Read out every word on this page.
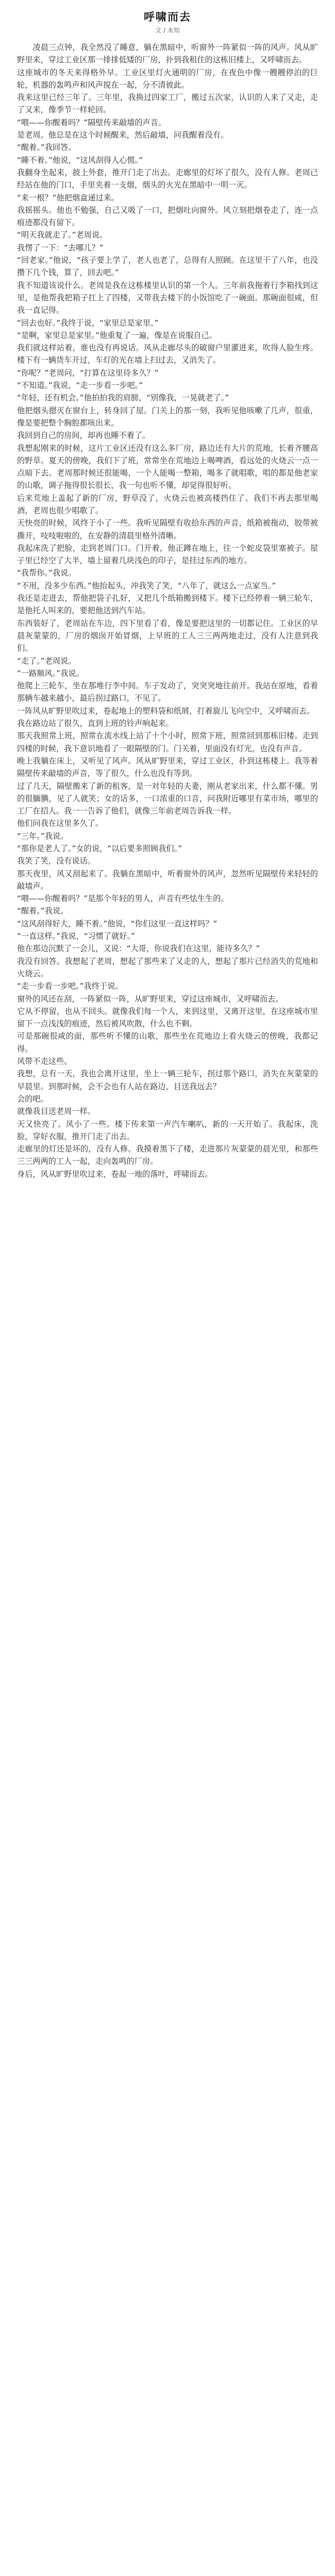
呼啸而去
文 / 未知

凌晨三点钟，我全然没了睡意，躺在黑暗中，听窗外一阵紧似一阵的风声。风从旷野里来，穿过工业区那一排排低矮的厂房，扑到我租住的这栋旧楼上，又呼啸而去。
这座城市的冬天来得格外早。工业区里灯火通明的厂房，在夜色中像一艘艘停泊的巨轮，机器的轰鸣声和风声搅在一起，分不清彼此。
我来这里已经三年了。三年里，我换过四家工厂，搬过五次家，认识的人来了又走，走了又来，像季节一样轮回。
“喂——你醒着吗？”隔壁传来敲墙的声音。
是老周。他总是在这个时候醒来，然后敲墙，问我醒着没有。
“醒着。”我回答。
“睡不着。”他说，“这风刮得人心慌。”
我翻身坐起来，披上外套，推开门走了出去。走廊里的灯坏了很久，没有人修。老周已经站在他的门口，手里夹着一支烟，烟头的火光在黑暗中一明一灭。
“来一根？”他把烟盒递过来。
我摇摇头。他也不勉强，自己又吸了一口，把烟吐向窗外。风立刻把烟卷走了，连一点痕迹都没有留下。
“明天我就走了。”老周说。
我愣了一下：“去哪儿？”
“回老家。”他说，“孩子要上学了，老人也老了，总得有人照顾。在这里干了八年，也没攒下几个钱，算了，回去吧。”
我不知道该说什么。老周是我在这栋楼里认识的第一个人。三年前我拖着行李箱找到这里，是他帮我把箱子扛上了四楼，又带我去楼下的小饭馆吃了一碗面。那碗面很咸，但我一直记得。
“回去也好。”我终于说，“家里总是家里。”
“是啊，家里总是家里。”他重复了一遍，像是在说服自己。
我们就这样站着，谁也没有再说话。风从走廊尽头的破窗户里灌进来，吹得人脸生疼。楼下有一辆货车开过，车灯的光在墙上扫过去，又消失了。
“你呢？”老周问，“打算在这里待多久？”
“不知道。”我说，“走一步看一步吧。”
“年轻，还有机会。”他拍拍我的肩膀，“别像我，一晃就老了。”
他把烟头摁灭在窗台上，转身回了屋。门关上的那一刻，我听见他咳嗽了几声，很重，像是要把整个胸腔都咳出来。
我回到自己的房间，却再也睡不着了。
我想起刚来的时候，这片工业区还没有这么多厂房，路边还有大片的荒地，长着齐腰高的野草。夏天的傍晚，我们下了班，常常坐在荒地边上喝啤酒，看远处的火烧云一点一点暗下去。老周那时候还很能喝，一个人能喝一整箱，喝多了就唱歌，唱的都是他老家的山歌，调子拖得很长很长，我一句也听不懂，却觉得很好听。
后来荒地上盖起了新的厂房，野草没了，火烧云也被高楼挡住了。我们不再去那里喝酒，老周也很少唱歌了。
天快亮的时候，风终于小了一些。我听见隔壁有收拾东西的声音，纸箱被拖动，胶带被撕开，吱吱啦啦的，在安静的清晨里格外清晰。
我起床洗了把脸，走到老周门口。门开着，他正蹲在地上，往一个蛇皮袋里塞被子。屋子里已经空了大半，墙上留着几块浅色的印子，是挂过东西的地方。
“我帮你。”我说。
“不用，没多少东西。”他抬起头，冲我笑了笑，“八年了，就这么一点家当。”
我还是走进去，帮他把袋子扎好，又把几个纸箱搬到楼下。楼下已经停着一辆三轮车，是他托人叫来的，要把他送到汽车站。
东西装好了，老周站在车边，四下里看了看，像是要把这里的一切都记住。工业区的早晨灰蒙蒙的，厂房的烟囱开始冒烟，上早班的工人三三两两地走过，没有人注意到我们。
“走了。”老周说。
“一路顺风。”我说。
他爬上三轮车，坐在那堆行李中间。车子发动了，突突突地往前开。我站在原地，看着那辆车越来越小，最后拐过路口，不见了。
一阵风从旷野里吹过来，卷起地上的塑料袋和纸屑，打着旋儿飞向空中，又呼啸而去。
我在路边站了很久，直到上班的铃声响起来。
那天我照常上班，照常在流水线上站了十个小时，照常下班，照常回到那栋旧楼。走到四楼的时候，我下意识地看了一眼隔壁的门。门关着，里面没有灯光，也没有声音。
晚上我躺在床上，又听见了风声。风从旷野里来，穿过工业区，扑到这栋楼上。我等着隔壁传来敲墙的声音，等了很久，什么也没有等到。
过了几天，隔壁搬来了新的租客，是一对年轻的夫妻，刚从老家出来，什么都不懂。男的很腼腆，见了人就笑；女的话多，一口浓重的口音，问我附近哪里有菜市场，哪里的工厂在招人。我一一告诉了他们，就像三年前老周告诉我一样。
他们问我在这里多久了。
“三年。”我说。
“那你是老人了。”女的说，“以后要多照顾我们。”
我笑了笑，没有说话。
那天夜里，风又刮起来了。我躺在黑暗中，听着窗外的风声，忽然听见隔壁传来轻轻的敲墙声。
“喂——你醒着吗？”是那个年轻的男人，声音有些怯生生的。
“醒着。”我说。
“这风刮得好大，睡不着。”他说，“你们这里一直这样吗？”
“一直这样。”我说，“习惯了就好。”
他在那边沉默了一会儿，又说：“大哥，你说我们在这里，能待多久？”
我没有回答。我想起了老周，想起了那些来了又走的人，想起了那片已经消失的荒地和火烧云。
“走一步看一步吧。”我终于说。
窗外的风还在刮，一阵紧似一阵，从旷野里来，穿过这座城市，又呼啸而去。
它从不停留，也从不回头。就像我们每一个人，来到这里，又离开这里，在这座城市里留下一点浅浅的痕迹，然后被风吹散，什么也不剩。
可是那碗很咸的面，那些听不懂的山歌，那些坐在荒地边上看火烧云的傍晚，我都记得。
风带不走这些。
我想，总有一天，我也会离开这里，坐上一辆三轮车，拐过那个路口，消失在灰蒙蒙的早晨里。到那时候，会不会也有人站在路边，目送我远去？
会的吧。
就像我目送老周一样。
天又快亮了。风小了一些。楼下传来第一声汽车喇叭，新的一天开始了。我起床，洗脸，穿好衣服，推开门走了出去。
走廊里的灯还是坏的，没有人修。我摸着黑下了楼，走进那片灰蒙蒙的晨光里，和那些三三两两的工人一起，走向轰鸣的厂房。
身后，风从旷野里吹过来，卷起一地的落叶，呼啸而去。
